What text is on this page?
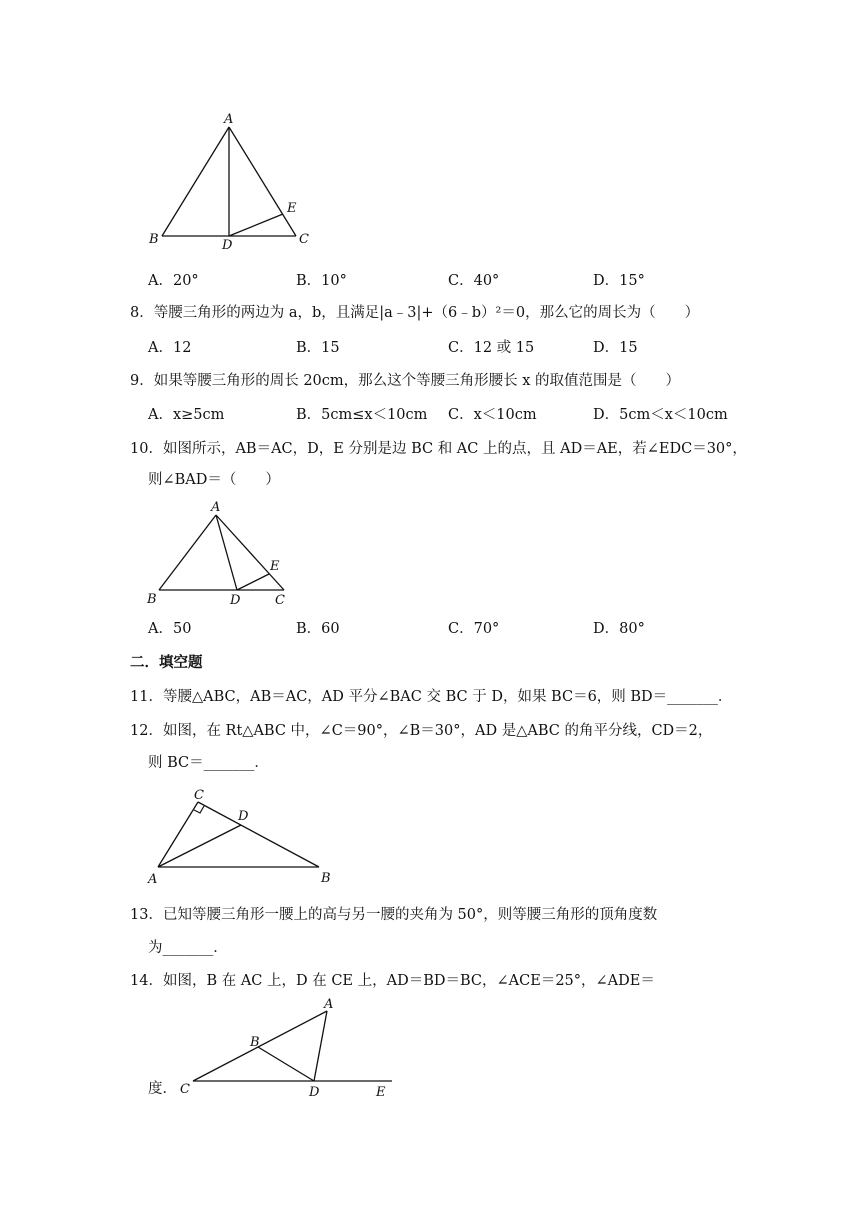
A
B	C
D
E
A．20°	B．10°	C．40°	D．15°
8．等腰三角形的两边为 a，b，且满足|a﹣3|+（6﹣b）²＝0，那么它的周长为（　　）
A．12	B．15	C．12 或 15	D．15
9．如果等腰三角形的周长 20cm，那么这个等腰三角形腰长 x 的取值范围是（　　）
A．x≥5cm	B．5cm≤x＜10cm C．x＜10cm	D．5cm＜x＜10cm
10．如图所示，AB＝AC，D，E 分别是边 BC 和 AC 上的点，且 AD＝AE，若∠EDC＝30°，
则∠BAD＝（　　）
A
B	C
D
E
A．50	B．60	C．70°	D．80°
二．填空题
11．等腰△ABC，AB＝AC，AD 平分∠BAC 交 BC 于 D，如果 BC＝6，则 BD＝_______．
12．如图，在 Rt△ABC 中，∠C＝90°，∠B＝30°，AD 是△ABC 的角平分线，CD＝2，
则 BC＝_______．
C
D
A	B
13．已知等腰三角形一腰上的高与另一腰的夹角为 50°，则等腰三角形的顶角度数
为_______．
14．如图，B 在 AC 上，D 在 CE 上，AD＝BD＝BC，∠ACE＝25°，∠ADE＝
A
B
C	D	E
度．
